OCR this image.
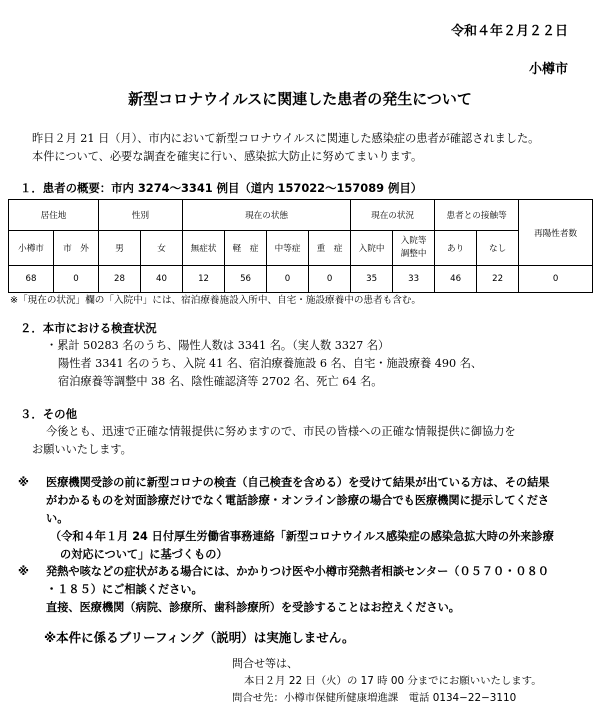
令和４年２月２２日
小樽市
新型コロナウイルスに関連した患者の発生について
昨日２月 21 日（月）、市内において新型コロナウイルスに関連した感染症の患者が確認されました。
本件について、必要な調査を確実に行い、感染拡大防止に努めてまいります。
１．患者の概要：市内 3274〜3341 例目（道内 157022〜157089 例目）
居住地		性別		現在の状態				現在の状況		患者との接触等		再陽性者数
小樽市	市　外	男	女	無症状	軽　症	中等症	重　症	入院中	入院等
調整中	あり	なし	
68	0	28	40	12	56	0	0	35	33	46	22	0
※「現在の状況」欄の「入院中」には、宿泊療養施設入所中、自宅・施設療養中の患者も含む。
２．本市における検査状況
・累計 50283 名のうち、陽性人数は 3341 名。（実人数 3327 名）
陽性者 3341 名のうち、入院 41 名、宿泊療養施設 6 名、自宅・施設療養 490 名、
宿泊療養等調整中 38 名、陰性確認済等 2702 名、死亡 64 名。
３．その他
今後とも、迅速で正確な情報提供に努めますので、市民の皆様への正確な情報提供に御協力を
お願いいたします。
※ 医療機関受診の前に新型コロナの検査（自己検査を含める）を受けて結果が出ている方は、その結果
がわかるものを対面診療だけでなく電話診療・オンライン診療の場合でも医療機関に提示してくださ
い。
（令和４年１月 24 日付厚生労働省事務連絡「新型コロナウイルス感染症の感染急拡大時の外来診療
の対応について」に基づくもの）
※ 発熱や咳などの症状がある場合には、かかりつけ医や小樽市発熱者相談センター（０５７０・０８０
・１８５）にご相談ください。
直接、医療機関（病院、診療所、歯科診療所）を受診することはお控えください。
※本件に係るブリーフィング（説明）は実施しません。
問合せ等は、
本日２月 22 日（火）の 17 時 00 分までにお願いいたします。
問合せ先：小樽市保健所健康増進課　電話 0134−22−3110
